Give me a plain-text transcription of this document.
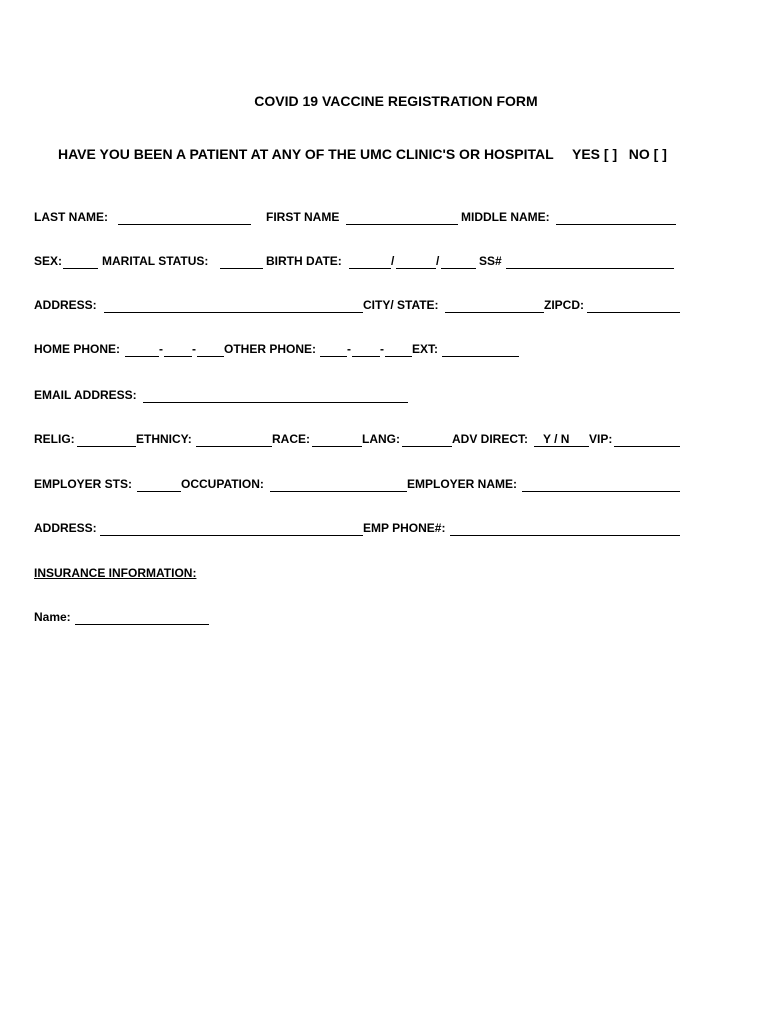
COVID 19 VACCINE REGISTRATION FORM
HAVE YOU BEEN A PATIENT AT ANY OF THE UMC CLINIC'S OR HOSPITAL YES [ ] NO [ ]
LAST NAME:	FIRST NAME	MIDDLE NAME:
SEX:	MARITAL STATUS:	BIRTH DATE:	/	/	SS#
ADDRESS:	CITY/ STATE:	ZIPCD:
HOME PHONE:	- - OTHER PHONE:	- - EXT:
EMAIL ADDRESS:
RELIG:	ETHNICY:	RACE:	LANG:	ADV DIRECT: Y / N VIP:
EMPLOYER STS:	OCCUPATION:	EMPLOYER NAME:
ADDRESS:	EMP PHONE#:
INSURANCE INFORMATION:
Name:
